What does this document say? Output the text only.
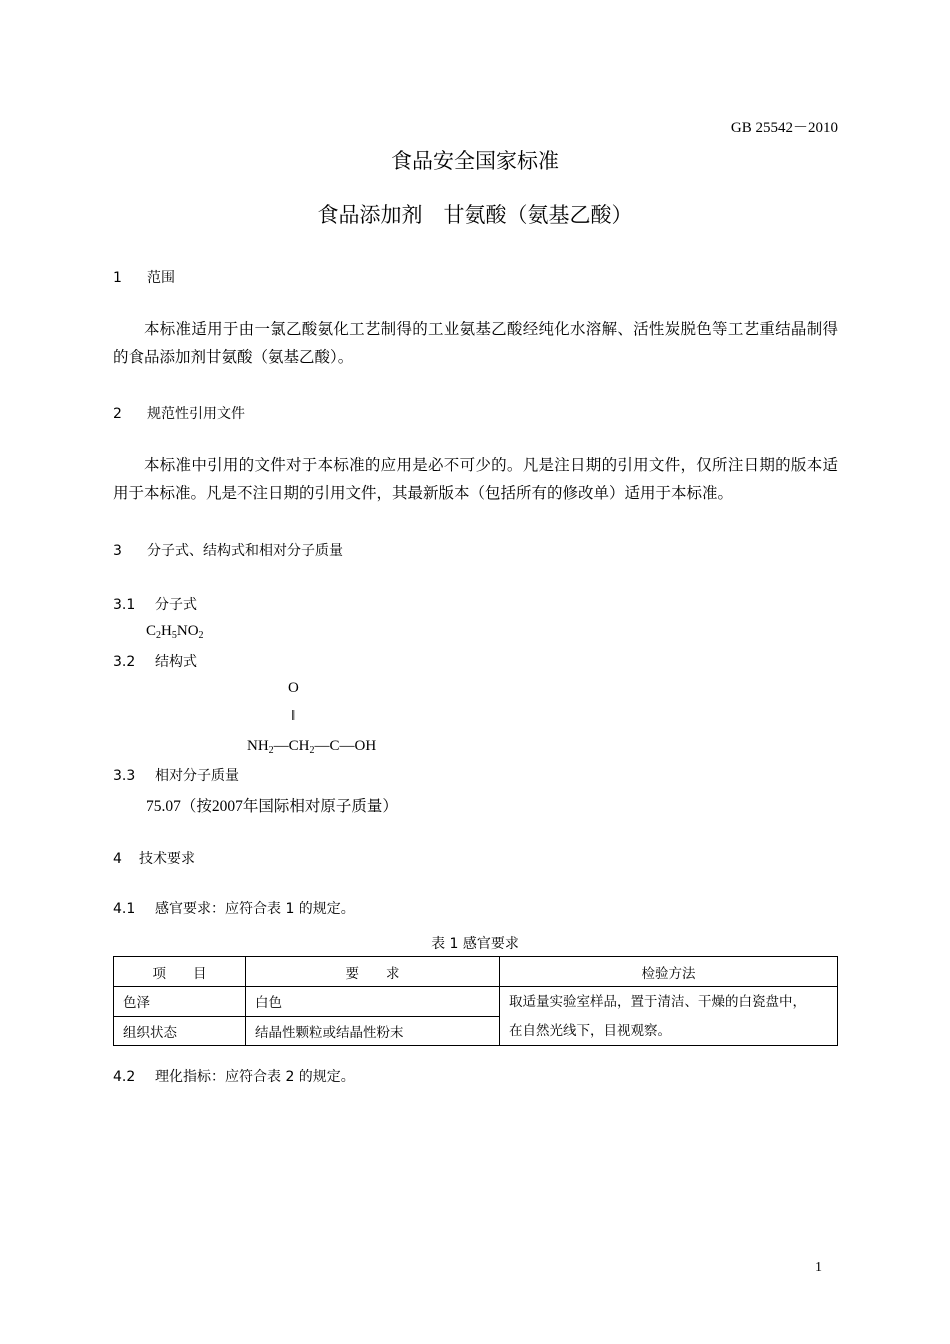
GB 25542－2010
食品安全国家标准
食品添加剂　甘氨酸（氨基乙酸）
1 范围
本标准适用于由一氯乙酸氨化工艺制得的工业氨基乙酸经纯化水溶解、活性炭脱色等工艺重结晶制得的食品添加剂甘氨酸（氨基乙酸）。
2 规范性引用文件
本标准中引用的文件对于本标准的应用是必不可少的。凡是注日期的引用文件，仅所注日期的版本适用于本标准。凡是不注日期的引用文件，其最新版本（包括所有的修改单）适用于本标准。
3 分子式、结构式和相对分子质量
3.1 分子式
$C_2H_5NO_2$
3.2 结构式
O
‖
$NH_2—CH_2—C—OH$
3.3 相对分子质量
75.07（按2007年国际相对原子质量）
4 技术要求
4.1 感官要求：应符合表 1 的规定。
表 1 感官要求
项　　目	要　　求	检验方法
色泽	白色	取适量实验室样品，置于清洁、干燥的白瓷盘中，
在自然光线下，目视观察。

组织状态	结晶性颗粒或结晶性粉末	
4.2 理化指标：应符合表 2 的规定。
1
